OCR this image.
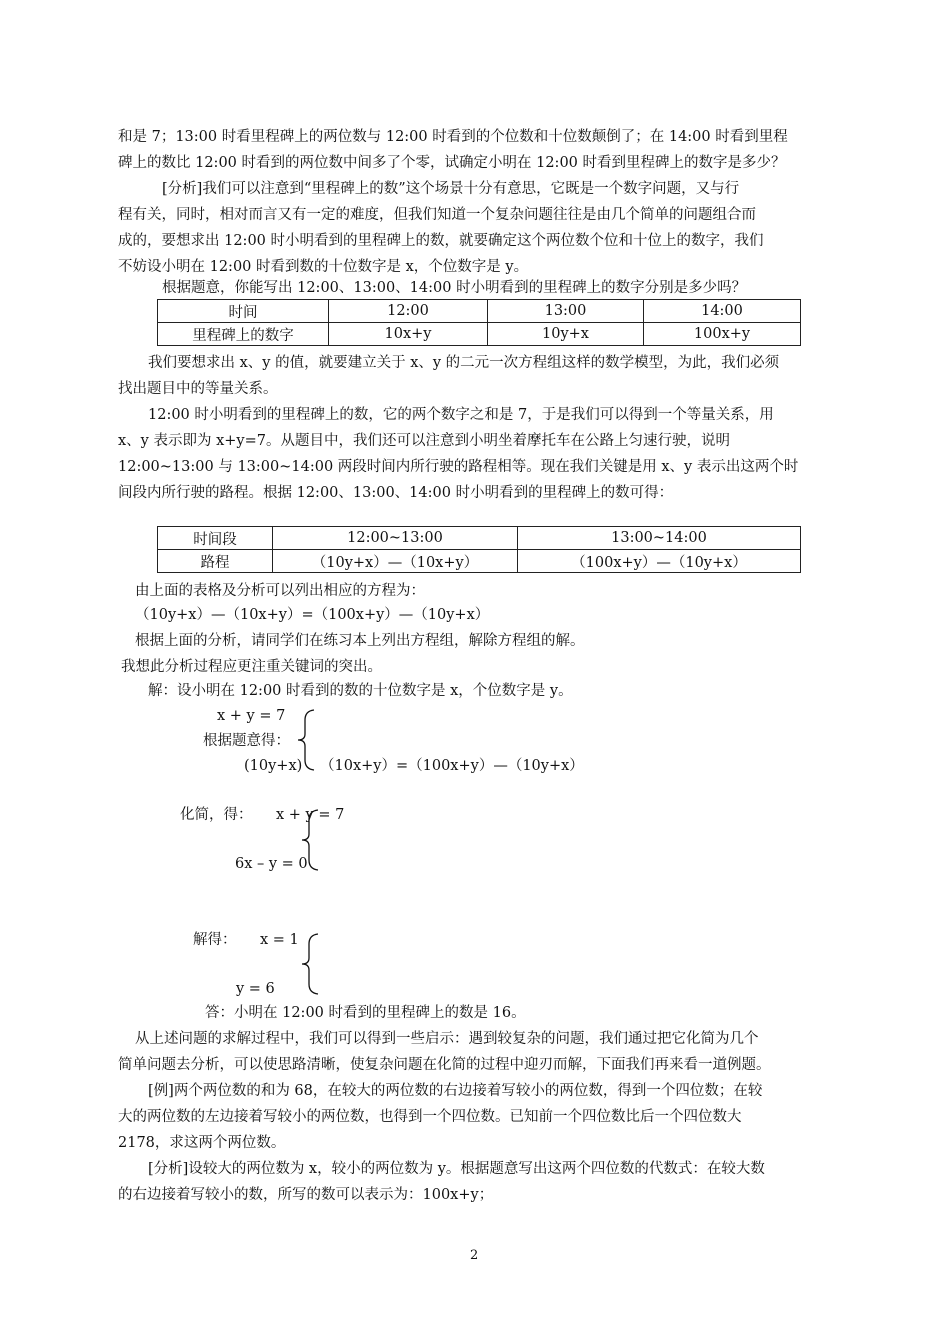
和是 7；13:00 时看里程碑上的两位数与 12:00 时看到的个位数和十位数颠倒了；在 14:00 时看到里程
碑上的数比 12:00 时看到的两位数中间多了个零，试确定小明在 12:00 时看到里程碑上的数字是多少？
[分析]我们可以注意到“里程碑上的数”这个场景十分有意思，它既是一个数字问题，又与行
程有关，同时，相对而言又有一定的难度，但我们知道一个复杂问题往往是由几个简单的问题组合而
成的，要想求出 12:00 时小明看到的里程碑上的数，就要确定这个两位数个位和十位上的数字，我们
不妨设小明在 12:00 时看到数的十位数字是 x，个位数字是 y。
根据题意，你能写出 12:00、13:00、14:00 时小明看到的里程碑上的数字分别是多少吗？
时间	12:00	13:00	14:00
里程碑上的数字	10x+y	10y+x	100x+y
我们要想求出 x、y 的值，就要建立关于 x、y 的二元一次方程组这样的数学模型，为此，我们必须
找出题目中的等量关系。
12:00 时小明看到的里程碑上的数，它的两个数字之和是 7，于是我们可以得到一个等量关系，用
x、y 表示即为 x+y=7。从题目中，我们还可以注意到小明坐着摩托车在公路上匀速行驶，说明
12:00~13:00 与 13:00~14:00 两段时间内所行驶的路程相等。现在我们关键是用 x、y 表示出这两个时
间段内所行驶的路程。根据 12:00、13:00、14:00 时小明看到的里程碑上的数可得：
时间段	12:00~13:00	13:00~14:00
路程	（10y+x）—（10x+y）	（100x+y）—（10y+x）
由上面的表格及分析可以列出相应的方程为：
（10y+x）—（10x+y）=（100x+y）—（10y+x）
根据上面的分析，请同学们在练习本上列出方程组，解除方程组的解。
我想此分析过程应更注重关键词的突出。
解：设小明在 12:00 时看到的数的十位数字是 x，个位数字是 y。
x + y = 7
根据题意得：
(10y+x) （10x+y）=（100x+y）—（10y+x）
化简，得： x + y = 7
6x – y = 0
解得： x = 1
y = 6
答：小明在 12:00 时看到的里程碑上的数是 16。
从上述问题的求解过程中，我们可以得到一些启示：遇到较复杂的问题，我们通过把它化简为几个
简单问题去分析，可以使思路清晰，使复杂问题在化简的过程中迎刃而解，下面我们再来看一道例题。
[例]两个两位数的和为 68，在较大的两位数的右边接着写较小的两位数，得到一个四位数；在较
大的两位数的左边接着写较小的两位数，也得到一个四位数。已知前一个四位数比后一个四位数大
2178，求这两个两位数。
[分析]设较大的两位数为 x，较小的两位数为 y。根据题意写出这两个四位数的代数式：在较大数
的右边接着写较小的数，所写的数可以表示为：100x+y；
2
